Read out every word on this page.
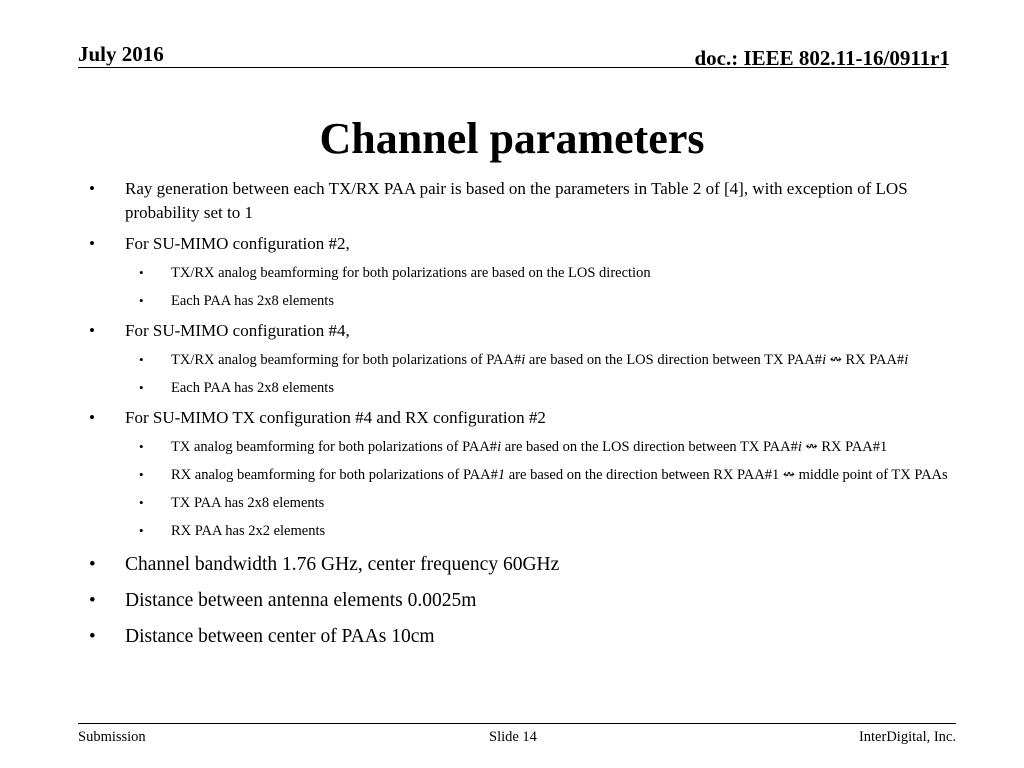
July 2016	doc.: IEEE 802.11-16/0911r1
Channel parameters
• Ray generation between each TX/RX PAA pair is based on the parameters in Table 2 of [4], with exception of LOS probability set to 1
• For SU-MIMO configuration #2,
• TX/RX analog beamforming for both polarizations are based on the LOS direction
• Each PAA has 2x8 elements
• For SU-MIMO configuration #4,
• TX/RX analog beamforming for both polarizations of PAA#i are based on the LOS direction between TX PAA#i ↭ RX PAA#i
• Each PAA has 2x8 elements
• For SU-MIMO TX configuration #4 and RX configuration #2
• TX analog beamforming for both polarizations of PAA#i are based on the LOS direction between TX PAA#i ↭ RX PAA#1
• RX analog beamforming for both polarizations of PAA#1 are based on the direction between RX PAA#1 ↭ middle point of TX PAAs
• TX PAA has 2x8 elements
• RX PAA has 2x2 elements
• Channel bandwidth 1.76 GHz, center frequency 60GHz
• Distance between antenna elements 0.0025m
• Distance between center of PAAs 10cm
Submission	Slide 14	InterDigital, Inc.
